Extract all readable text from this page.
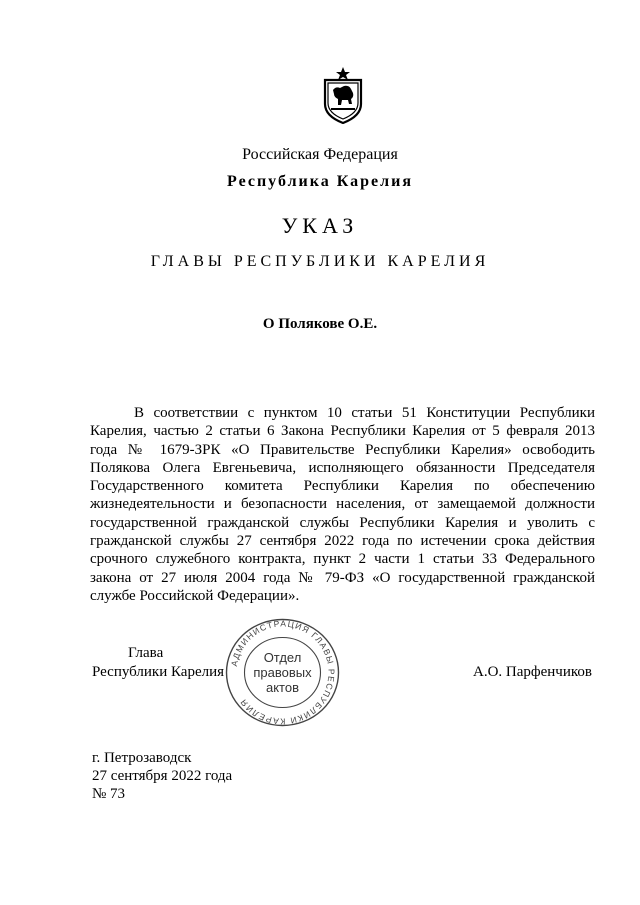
Российская Федерация
Республика Карелия
УКАЗ
ГЛАВЫ РЕСПУБЛИКИ КАРЕЛИЯ
О Полякове О.Е.

В соответствии с пунктом 10 статьи 51 Конституции Республики Карелия, частью 2 статьи 6 Закона Республики Карелия от 5 февраля 2013 года № 1679-ЗРК «О Правительстве Республики Карелия» освободить Полякова Олега Евгеньевича, исполняющего обязанности Председателя Государственного комитета Республики Карелия по обеспечению жизнедеятельности и безопасности населения, от замещаемой должности государственной гражданской службы Республики Карелия и уволить с гражданской службы 27 сентября 2022 года по истечении срока действия срочного служебного контракта, пункт 2 части 1 статьи 33 Федерального закона от 27 июля 2004 года № 79-ФЗ «О государственной гражданской службе Российской Федерации».

Глава
Республики Карелия	А.О. Парфенчиков
АДМИНИСТРАЦИЯ ГЛАВЫ РЕСПУБЛИКИ КАРЕЛИЯ
Отдел
правовых
актов
г. Петрозаводск
27 сентября 2022 года
№ 73
